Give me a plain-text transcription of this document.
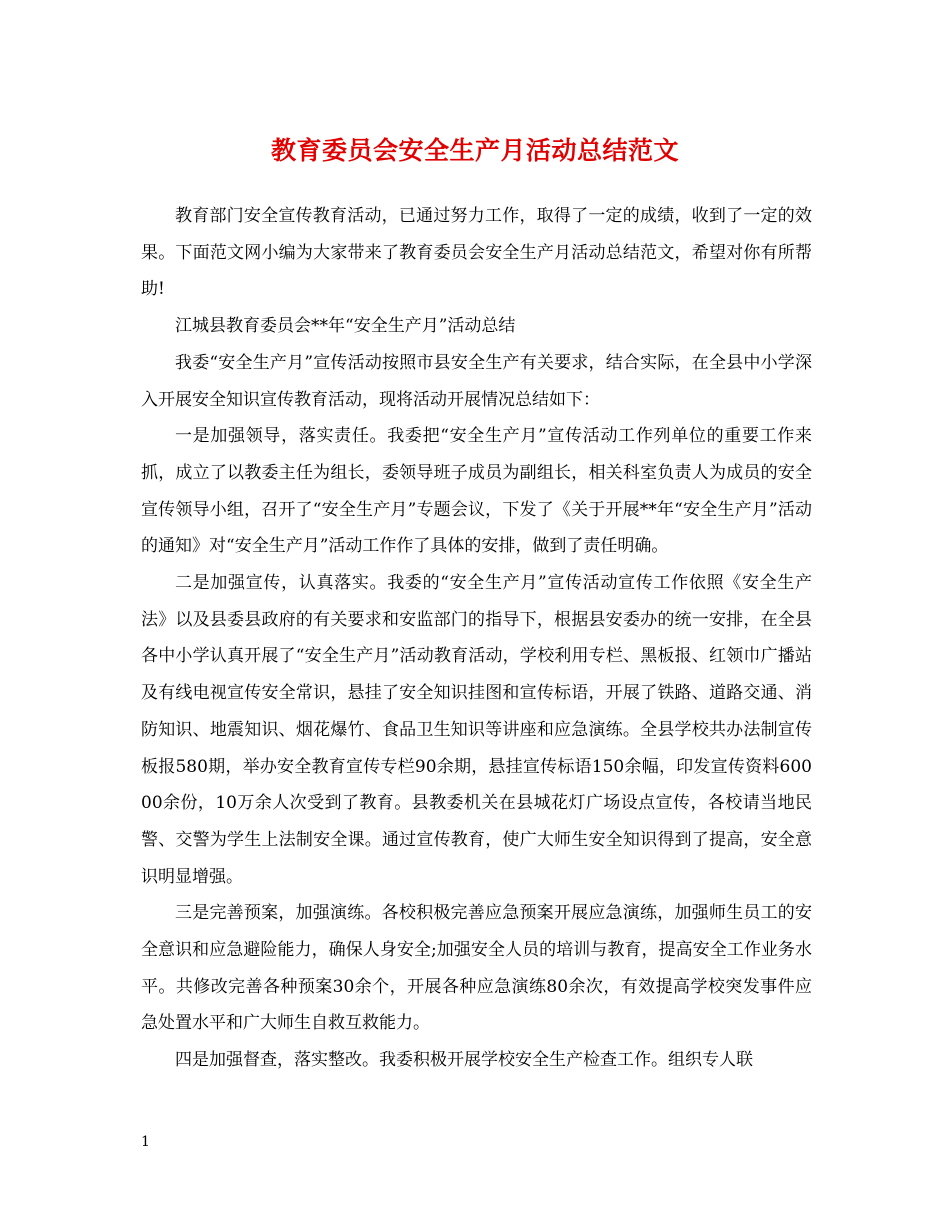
教育委员会安全生产月活动总结范文

教育部门安全宣传教育活动，已通过努力工作，取得了一定的成绩，收到了一定的效果。下面范文网小编为大家带来了教育委员会安全生产月活动总结范文，希望对你有所帮助!

江城县教育委员会**年“安全生产月”活动总结

我委“安全生产月”宣传活动按照市县安全生产有关要求，结合实际，在全县中小学深入开展安全知识宣传教育活动，现将活动开展情况总结如下：

一是加强领导，落实责任。我委把“安全生产月”宣传活动工作列单位的重要工作来抓，成立了以教委主任为组长，委领导班子成员为副组长，相关科室负责人为成员的安全宣传领导小组，召开了“安全生产月”专题会议，下发了《关于开展**年“安全生产月”活动的通知》对“安全生产月”活动工作作了具体的安排，做到了责任明确。

二是加强宣传，认真落实。我委的“安全生产月”宣传活动宣传工作依照《安全生产法》以及县委县政府的有关要求和安监部门的指导下，根据县安委办的统一安排，在全县各中小学认真开展了“安全生产月”活动教育活动，学校利用专栏、黑板报、红领巾广播站及有线电视宣传安全常识，悬挂了安全知识挂图和宣传标语，开展了铁路、道路交通、消防知识、地震知识、烟花爆竹、食品卫生知识等讲座和应急演练。全县学校共办法制宣传板报580期，举办安全教育宣传专栏90余期，悬挂宣传标语150余幅，印发宣传资料60000余份，10万余人次受到了教育。县教委机关在县城花灯广场设点宣传，各校请当地民警、交警为学生上法制安全课。通过宣传教育，使广大师生安全知识得到了提高，安全意识明显增强。

三是完善预案，加强演练。各校积极完善应急预案开展应急演练，加强师生员工的安全意识和应急避险能力，确保人身安全;加强安全人员的培训与教育，提高安全工作业务水平。共修改完善各种预案30余个，开展各种应急演练80余次，有效提高学校突发事件应急处置水平和广大师生自救互救能力。

四是加强督查，落实整改。我委积极开展学校安全生产检查工作。组织专人联

1
